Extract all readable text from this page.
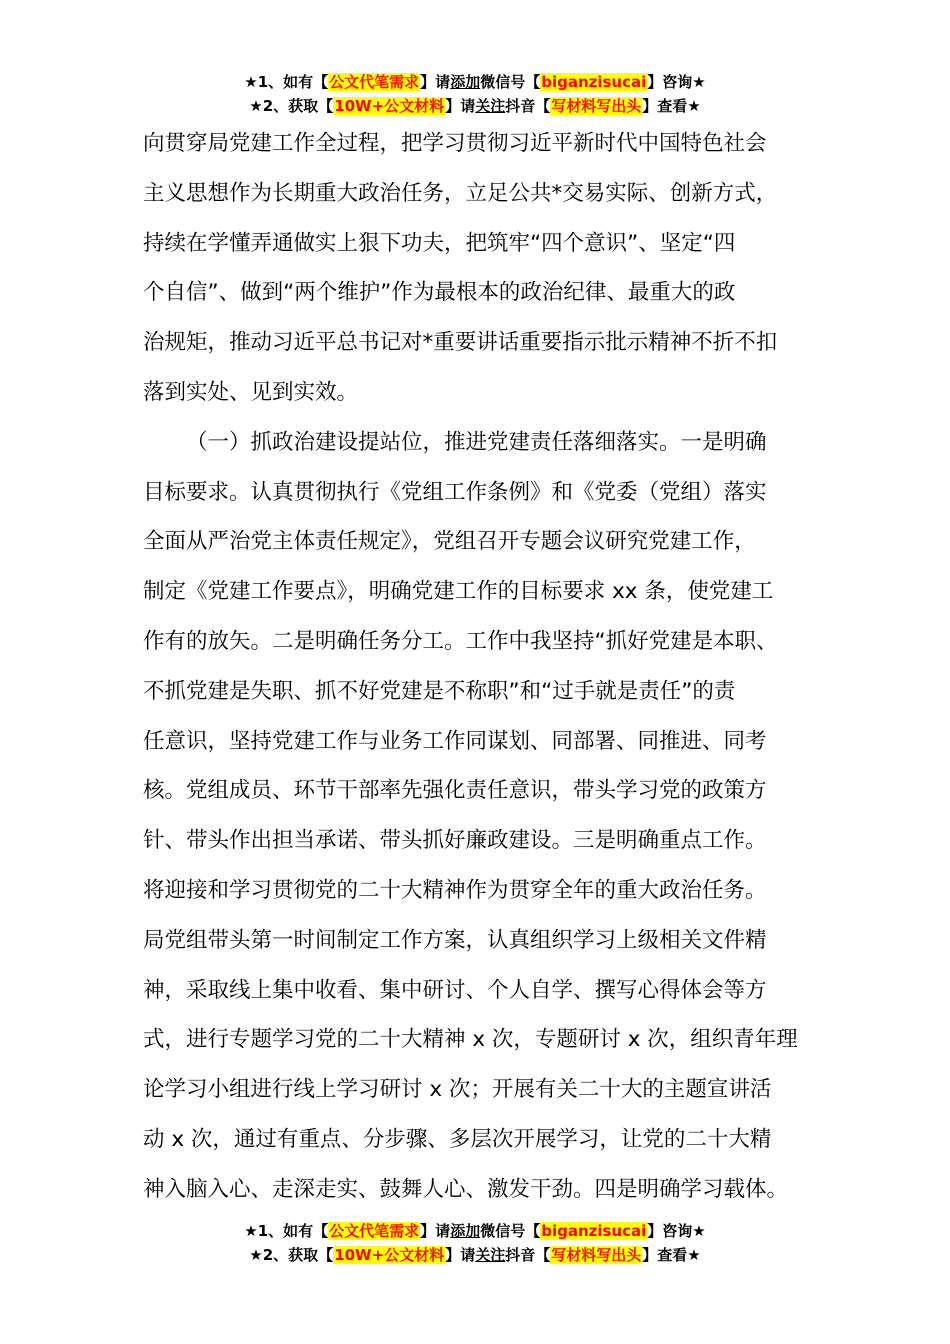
★1、如有【公文代笔需求】请添加微信号【biganzisucai】咨询★
★2、获取【10W+公文材料】请关注抖音【写材料写出头】查看★
向贯穿局党建工作全过程，把学习贯彻习近平新时代中国特色社会
主义思想作为长期重大政治任务，立足公共*交易实际、创新方式，
持续在学懂弄通做实上狠下功夫，把筑牢“四个意识”、坚定“四
个自信”、做到“两个维护”作为最根本的政治纪律、最重大的政
治规矩，推动习近平总书记对*重要讲话重要指示批示精神不折不扣
落到实处、见到实效。
（一）抓政治建设提站位，推进党建责任落细落实。一是明确
目标要求。认真贯彻执行《党组工作条例》和《党委（党组）落实
全面从严治党主体责任规定》，党组召开专题会议研究党建工作，
制定《党建工作要点》，明确党建工作的目标要求 xx 条，使党建工
作有的放矢。二是明确任务分工。工作中我坚持“抓好党建是本职、
不抓党建是失职、抓不好党建是不称职”和“过手就是责任”的责
任意识，坚持党建工作与业务工作同谋划、同部署、同推进、同考
核。党组成员、环节干部率先强化责任意识，带头学习党的政策方
针、带头作出担当承诺、带头抓好廉政建设。三是明确重点工作。
将迎接和学习贯彻党的二十大精神作为贯穿全年的重大政治任务。
局党组带头第一时间制定工作方案，认真组织学习上级相关文件精
神，采取线上集中收看、集中研讨、个人自学、撰写心得体会等方
式，进行专题学习党的二十大精神 x 次，专题研讨 x 次，组织青年理
论学习小组进行线上学习研讨 x 次；开展有关二十大的主题宣讲活
动 x 次，通过有重点、分步骤、多层次开展学习，让党的二十大精
神入脑入心、走深走实、鼓舞人心、激发干劲。四是明确学习载体。
★1、如有【公文代笔需求】请添加微信号【biganzisucai】咨询★
★2、获取【10W+公文材料】请关注抖音【写材料写出头】查看★
